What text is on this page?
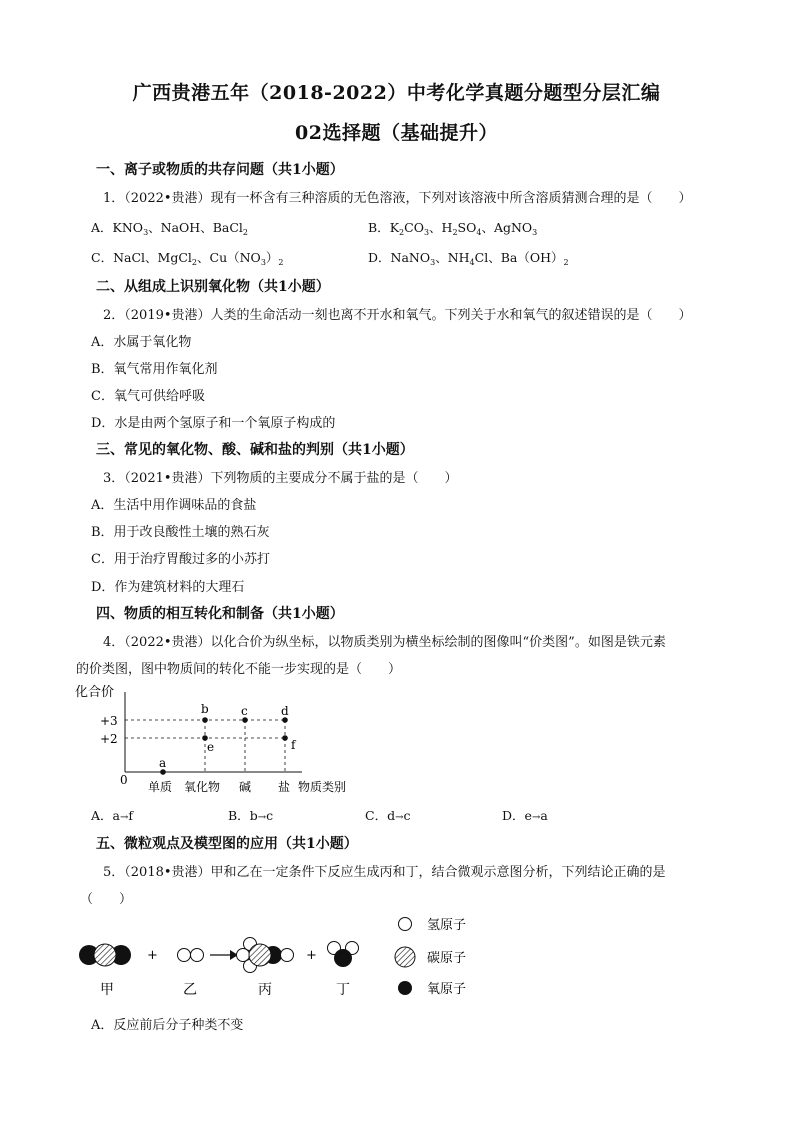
广西贵港五年（2018-2022）中考化学真题分题型分层汇编
02选择题（基础提升）
一、离子或物质的共存问题（共1小题）
1．（2022•贵港）现有一杯含有三种溶质的无色溶液，下列对该溶液中所含溶质猜测合理的是（　　）
A．$KNO_3$、NaOH、BaCl$_2$	B．$K_2CO_3$、$H_2SO_4$、AgNO$_3$
C．NaCl、MgCl$_2$、$Cu(NO_3)_2$	D．NaNO$_3$、$NH_4Cl$、$Ba(OH)_2$
二、从组成上识别氧化物（共1小题）
2．（2019•贵港）人类的生命活动一刻也离不开水和氧气。下列关于水和氧气的叙述错误的是（　　）
A．水属于氧化物
B．氧气常用作氧化剂
C．氧气可供给呼吸
D．水是由两个氢原子和一个氧原子构成的
三、常见的氧化物、酸、碱和盐的判别（共1小题）
3．（2021•贵港）下列物质的主要成分不属于盐的是（　　）
A．生活中用作调味品的食盐
B．用于改良酸性土壤的熟石灰
C．用于治疗胃酸过多的小苏打
D．作为建筑材料的大理石
四、物质的相互转化和制备（共1小题）
4．（2022•贵港）以化合价为纵坐标，以物质类别为横坐标绘制的图像叫“价类图”。如图是铁元素
的价类图，图中物质间的转化不能一步实现的是（　　）
化合价
+3
+2
0 单质 氧化物 碱 盐 物质类别
a
b	c	d
e	f
A．a→f	B．b→c	C．d→c	D．e→a
五、微粒观点及模型图的应用（共1小题）
5．（2018•贵港）甲和乙在一定条件下反应生成丙和丁，结合微观示意图分析，下列结论正确的是
（　　）
+	+
甲	乙	丙	丁
氢原子
碳原子
氧原子
A．反应前后分子种类不变
